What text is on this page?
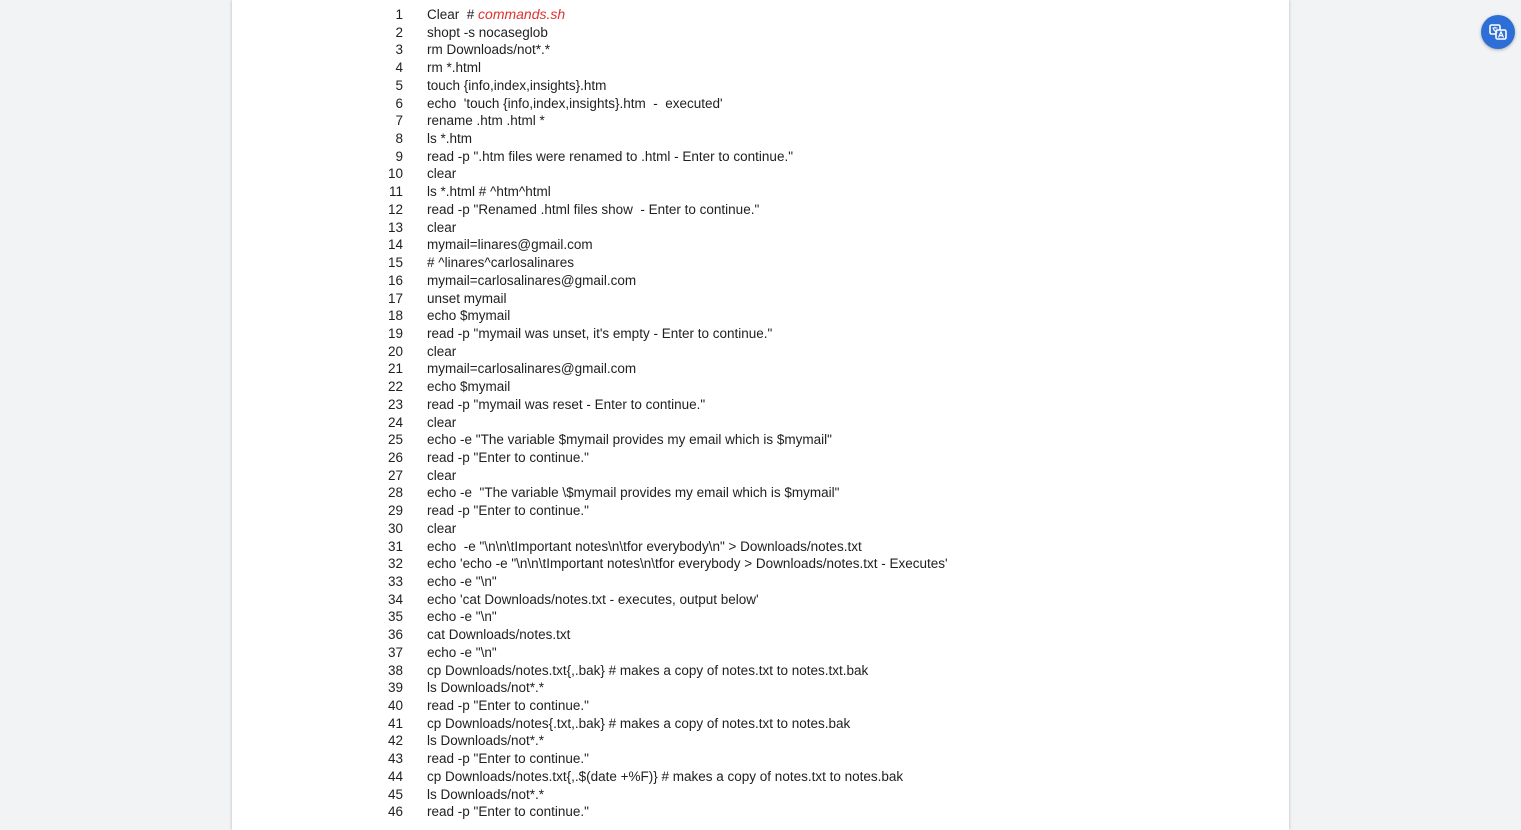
1 Clear  # commands.sh
2 shopt -s nocaseglob
3 rm Downloads/not*.*
4 rm *.html
5 touch {info,index,insights}.htm
6 echo  'touch {info,index,insights}.htm  -  executed'
7 rename .htm .html *
8 ls *.htm
9 read -p ".htm files were renamed to .html - Enter to continue."
10 clear
11 ls *.html # ^htm^html
12 read -p "Renamed .html files show  - Enter to continue."
13 clear
14 mymail=linares@gmail.com
15 # ^linares^carlosalinares
16 mymail=carlosalinares@gmail.com
17 unset mymail
18 echo $mymail
19 read -p "mymail was unset, it's empty - Enter to continue."
20 clear
21 mymail=carlosalinares@gmail.com
22 echo $mymail
23 read -p "mymail was reset - Enter to continue."
24 clear
25 echo -e "The variable $mymail provides my email which is $mymail"
26 read -p "Enter to continue."
27 clear
28 echo -e  "The variable \$mymail provides my email which is $mymail"
29 read -p "Enter to continue."
30 clear
31 echo  -e "\n\n\tImportant notes\n\tfor everybody\n" > Downloads/notes.txt
32 echo 'echo -e "\n\n\tImportant notes\n\tfor everybody > Downloads/notes.txt - Executes'
33 echo -e "\n"
34 echo 'cat Downloads/notes.txt - executes, output below'
35 echo -e "\n"
36 cat Downloads/notes.txt
37 echo -e "\n"
38 cp Downloads/notes.txt{,.bak} # makes a copy of notes.txt to notes.txt.bak
39 ls Downloads/not*.*
40 read -p "Enter to continue."
41 cp Downloads/notes{.txt,.bak} # makes a copy of notes.txt to notes.bak
42 ls Downloads/not*.*
43 read -p "Enter to continue."
44 cp Downloads/notes.txt{,.$(date +%F)} # makes a copy of notes.txt to notes.bak
45 ls Downloads/not*.*
46 read -p "Enter to continue."
